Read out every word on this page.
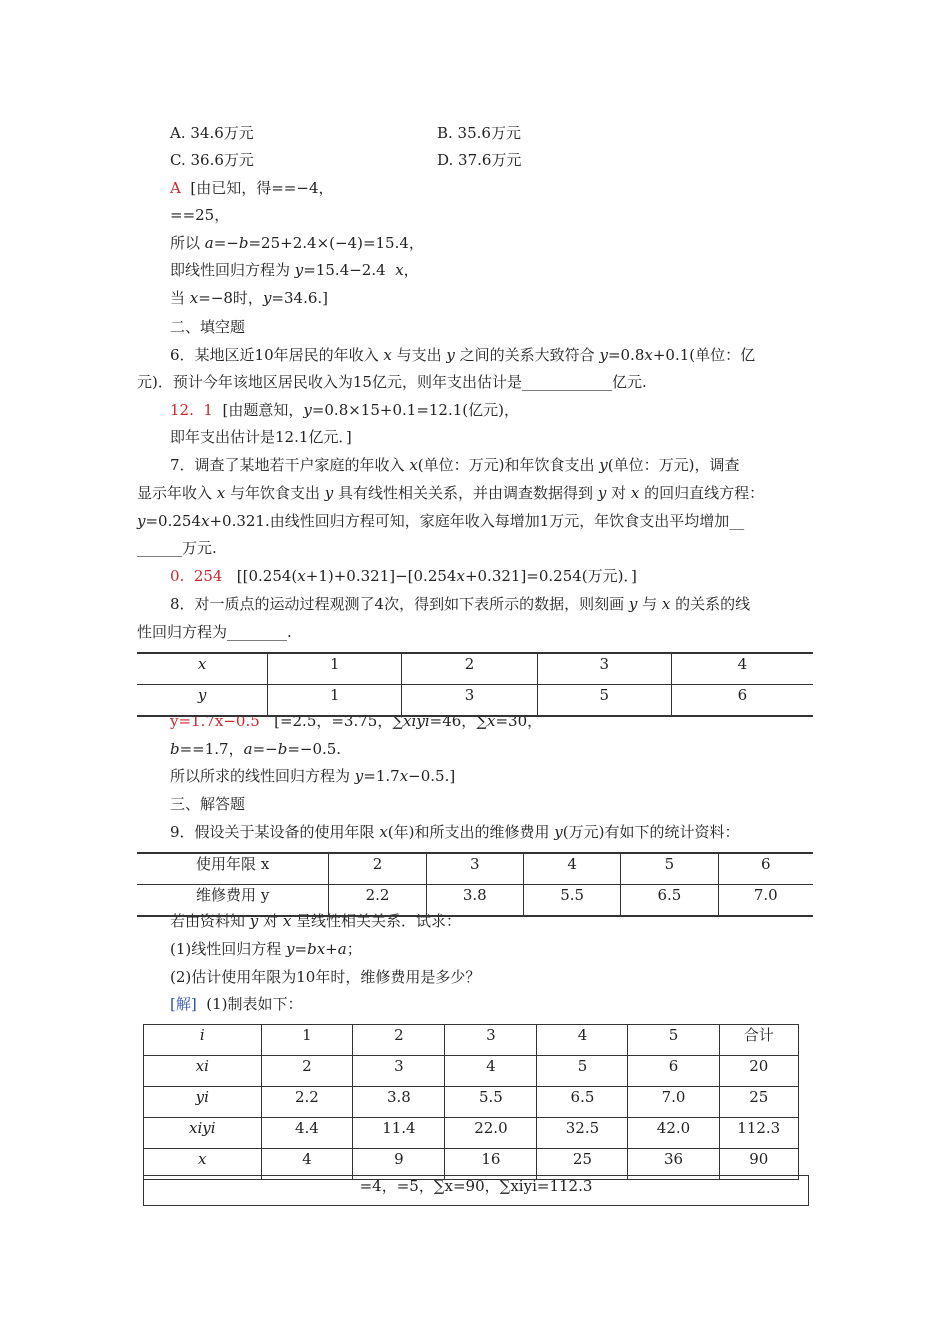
A. 34.6万元	B. 35.6万元
C. 36.6万元	D. 37.6万元
A  [由已知，得==−4，
==25，
所以 a=−b=25+2.4×(−4)=15.4，
即线性回归方程为 y=15.4−2.4  x，
当 x=−8时，y=34.6.]
二、填空题
6．某地区近10年居民的年收入 x 与支出 y 之间的关系大致符合 y=0.8x+0.1(单位：亿
元)．预计今年该地区居民收入为15亿元，则年支出估计是____________亿元.
12.  1  [由题意知，y=0.8×15+0.1=12.1(亿元)，
即年支出估计是12.1亿元．]
7．调查了某地若干户家庭的年收入 x(单位：万元)和年饮食支出 y(单位：万元)，调查
显示年收入 x 与年饮食支出 y 具有线性相关关系，并由调查数据得到 y 对 x 的回归直线方程：
y=0.254x+0.321.由线性回归方程可知，家庭年收入每增加1万元，年饮食支出平均增加__
______万元.
0.  254   [[0.254(x+1)+0.321]−[0.254x+0.321]=0.254(万元)．]
8．对一质点的运动过程观测了4次，得到如下表所示的数据，则刻画 y 与 x 的关系的线
性回归方程为________.
y=1.7x−0.5   [=2.5，=3.75，∑xiyi=46，∑x=30，
b==1.7，a=−b=−0.5.
所以所求的线性回归方程为 y=1.7x−0.5.]
三、解答题
9．假设关于某设备的使用年限 x(年)和所支出的维修费用 y(万元)有如下的统计资料：
若由资料知 y 对 x 呈线性相关关系．试求：
(1)线性回归方程 y=bx+a；
(2)估计使用年限为10年时，维修费用是多少？
[解]  (1)制表如下：
x	1	2	3	4
y	1	3	5	6
使用年限 x	2	3	4	5	6
维修费用 y	2.2	3.8	5.5	6.5	7.0
i	1	2	3	4	5	合计
xi	2	3	4	5	6	20
yi	2.2	3.8	5.5	6.5	7.0	25
xiyi	4.4	11.4	22.0	32.5	42.0	112.3
x	4	9	16	25	36	90
=4，=5，∑x=90，∑xiyi=112.3
